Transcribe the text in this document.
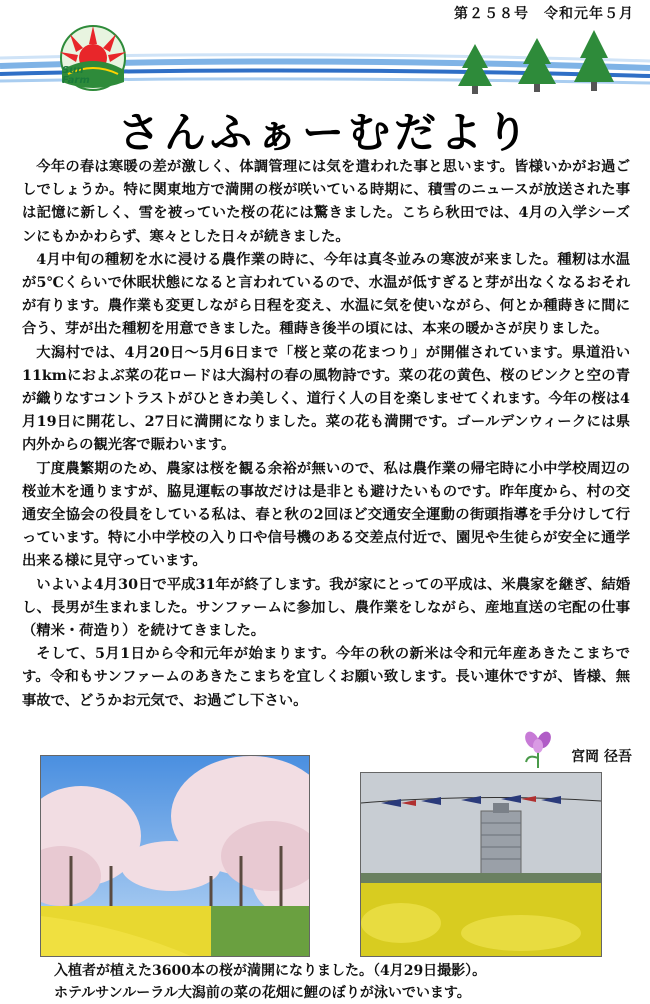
第２５８号　令和元年５月
Sun
Farm
さんふぁーむだより

今年の春は寒暖の差が激しく、体調管理には気を遣われた事と思います。皆様いかがお過ごしでしょうか。特に関東地方で満開の桜が咲いている時期に、積雪のニュースが放送された事は記憶に新しく、雪を被っていた桜の花には驚きました。こちら秋田では、4月の入学シーズンにもかかわらず、寒々とした日々が続きました。

4月中旬の種籾を水に浸ける農作業の時に、今年は真冬並みの寒波が来ました。種籾は水温が5℃くらいで休眠状態になると言われているので、水温が低すぎると芽が出なくなるおそれが有ります。農作業も変更しながら日程を変え、水温に気を使いながら、何とか種蒔きに間に合う、芽が出た種籾を用意できました。種蒔き後半の頃には、本来の暖かさが戻りました。

大潟村では、4月20日～5月6日まで「桜と菜の花まつり」が開催されています。県道沿い11kmにおよぶ菜の花ロードは大潟村の春の風物詩です。菜の花の黄色、桜のピンクと空の青が織りなすコントラストがひときわ美しく、道行く人の目を楽しませてくれます。今年の桜は4月19日に開花し、27日に満開になりました。菜の花も満開です。ゴールデンウィークには県内外からの観光客で賑わいます。

丁度農繁期のため、農家は桜を観る余裕が無いので、私は農作業の帰宅時に小中学校周辺の桜並木を通りますが、脇見運転の事故だけは是非とも避けたいものです。昨年度から、村の交通安全協会の役員をしている私は、春と秋の2回ほど交通安全運動の街頭指導を手分けして行っています。特に小中学校の入り口や信号機のある交差点付近で、園児や生徒らが安全に通学出来る様に見守っています。

いよいよ4月30日で平成31年が終了します。我が家にとっての平成は、米農家を継ぎ、結婚し、長男が生まれました。サンファームに参加し、農作業をしながら、産地直送の宅配の仕事（精米・荷造り）を続けてきました。

そして、5月1日から令和元年が始まります。今年の秋の新米は令和元年産あきたこまちです。令和もサンファームのあきたこまちを宜しくお願い致します。長い連休ですが、皆様、無事故で、どうかお元気で、お過ごし下さい。

宮岡 径吾
入植者が植えた3600本の桜が満開になりました。（4月29日撮影）。
ホテルサンルーラル大潟前の菜の花畑に鯉のぼりが泳いでいます。
